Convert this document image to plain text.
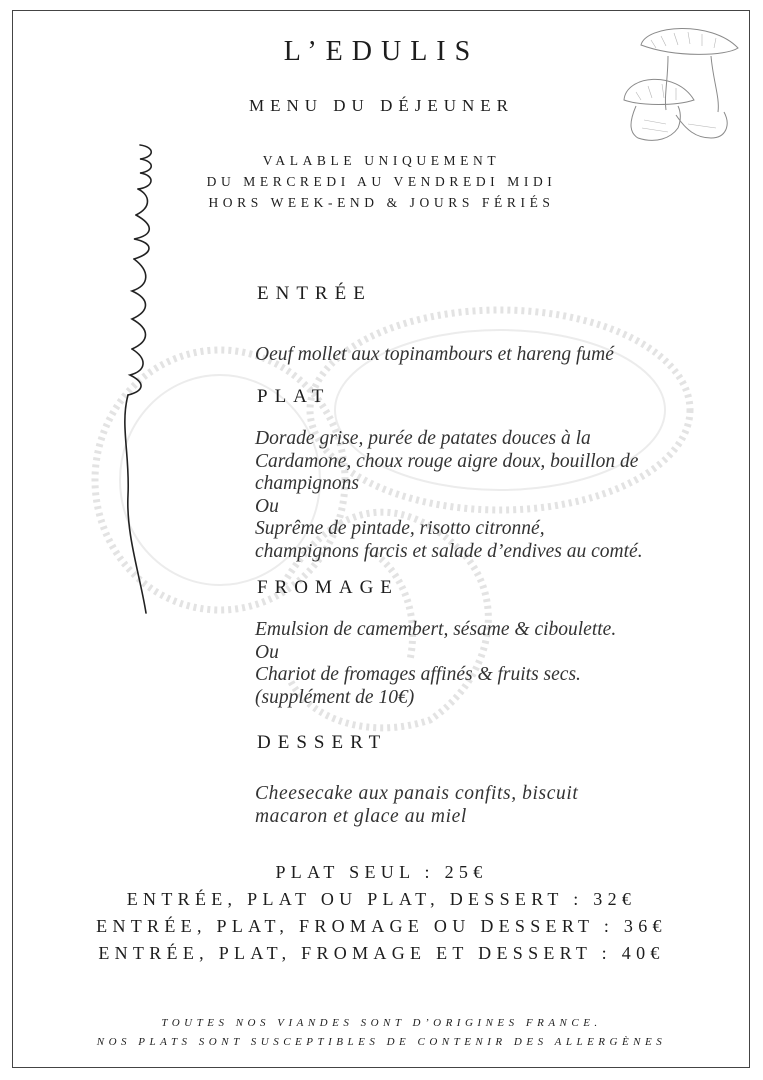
L’EDULIS
MENU DU DÉJEUNER
VALABLE UNIQUEMENT
DU MERCREDI AU VENDREDI MIDI
HORS WEEK-END & JOURS FÉRIÉS
ENTRÉE
Oeuf mollet aux topinambours et hareng fumé
PLAT
Dorade grise, purée de patates douces à la
Cardamone, choux rouge aigre doux, bouillon de
champignons
Ou
Suprême de pintade, risotto citronné,
champignons farcis et salade d’endives au comté.
FROMAGE
Emulsion de camembert, sésame & ciboulette.
Ou
Chariot de fromages affinés & fruits secs.
(supplément de 10€)
DESSERT
Cheesecake aux panais confits, biscuit
macaron et glace au miel
PLAT SEUL : 25€
ENTRÉE, PLAT OU PLAT, DESSERT : 32€
ENTRÉE, PLAT, FROMAGE OU DESSERT : 36€
ENTRÉE, PLAT, FROMAGE ET DESSERT : 40€
TOUTES NOS VIANDES SONT D’ORIGINES FRANCE.
NOS PLATS SONT SUSCEPTIBLES DE CONTENIR DES ALLERGÈNES
